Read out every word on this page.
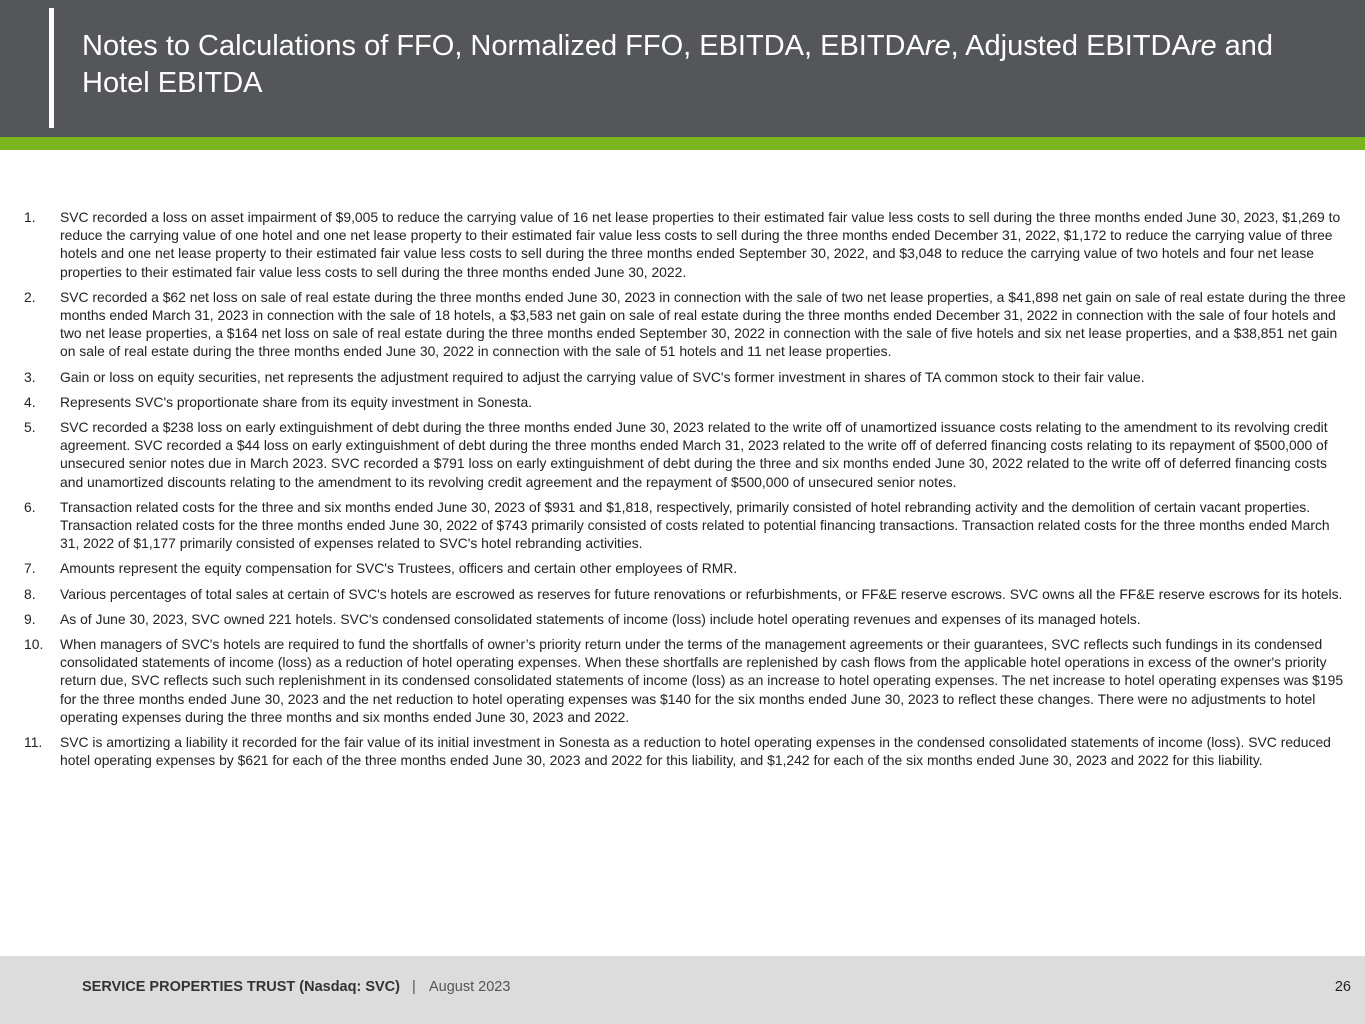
Notes to Calculations of FFO, Normalized FFO, EBITDA, EBITDAre, Adjusted EBITDAre and Hotel EBITDA
1. SVC recorded a loss on asset impairment of $9,005 to reduce the carrying value of 16 net lease properties to their estimated fair value less costs to sell during the three months ended June 30, 2023, $1,269 to reduce the carrying value of one hotel and one net lease property to their estimated fair value less costs to sell during the three months ended December 31, 2022, $1,172 to reduce the carrying value of three hotels and one net lease property to their estimated fair value less costs to sell during the three months ended September 30, 2022, and $3,048 to reduce the carrying value of two hotels and four net lease properties to their estimated fair value less costs to sell during the three months ended June 30, 2022.
2. SVC recorded a $62 net loss on sale of real estate during the three months ended June 30, 2023 in connection with the sale of two net lease properties, a $41,898 net gain on sale of real estate during the three months ended March 31, 2023 in connection with the sale of 18 hotels, a $3,583 net gain on sale of real estate during the three months ended December 31, 2022 in connection with the sale of four hotels and two net lease properties, a $164 net loss on sale of real estate during the three months ended September 30, 2022 in connection with the sale of five hotels and six net lease properties, and a $38,851 net gain on sale of real estate during the three months ended June 30, 2022 in connection with the sale of 51 hotels and 11 net lease properties.
3. Gain or loss on equity securities, net represents the adjustment required to adjust the carrying value of SVC's former investment in shares of TA common stock to their fair value.
4. Represents SVC's proportionate share from its equity investment in Sonesta.
5. SVC recorded a $238 loss on early extinguishment of debt during the three months ended June 30, 2023 related to the write off of unamortized issuance costs relating to the amendment to its revolving credit agreement. SVC recorded a $44 loss on early extinguishment of debt during the three months ended March 31, 2023 related to the write off of deferred financing costs relating to its repayment of $500,000 of unsecured senior notes due in March 2023. SVC recorded a $791 loss on early extinguishment of debt during the three and six months ended June 30, 2022 related to the write off of deferred financing costs and unamortized discounts relating to the amendment to its revolving credit agreement and the repayment of $500,000 of unsecured senior notes.
6. Transaction related costs for the three and six months ended June 30, 2023 of $931 and $1,818, respectively, primarily consisted of hotel rebranding activity and the demolition of certain vacant properties. Transaction related costs for the three months ended June 30, 2022 of $743 primarily consisted of costs related to potential financing transactions. Transaction related costs for the three months ended March 31, 2022 of $1,177 primarily consisted of expenses related to SVC's hotel rebranding activities.
7. Amounts represent the equity compensation for SVC's Trustees, officers and certain other employees of RMR.
8. Various percentages of total sales at certain of SVC's hotels are escrowed as reserves for future renovations or refurbishments, or FF&E reserve escrows. SVC owns all the FF&E reserve escrows for its hotels.
9. As of June 30, 2023, SVC owned 221 hotels. SVC's condensed consolidated statements of income (loss) include hotel operating revenues and expenses of its managed hotels.
10. When managers of SVC's hotels are required to fund the shortfalls of owner’s priority return under the terms of the management agreements or their guarantees, SVC reflects such fundings in its condensed consolidated statements of income (loss) as a reduction of hotel operating expenses. When these shortfalls are replenished by cash flows from the applicable hotel operations in excess of the owner's priority return due, SVC reflects such such replenishment in its condensed consolidated statements of income (loss) as an increase to hotel operating expenses. The net increase to hotel operating expenses was $195 for the three months ended June 30, 2023 and the net reduction to hotel operating expenses was $140 for the six months ended June 30, 2023 to reflect these changes. There were no adjustments to hotel operating expenses during the three months and six months ended June 30, 2023 and 2022.
11. SVC is amortizing a liability it recorded for the fair value of its initial investment in Sonesta as a reduction to hotel operating expenses in the condensed consolidated statements of income (loss). SVC reduced hotel operating expenses by $621 for each of the three months ended June 30, 2023 and 2022 for this liability, and $1,242 for each of the six months ended June 30, 2023 and 2022 for this liability.
SERVICE PROPERTIES TRUST (Nasdaq: SVC) | August 2023	26
